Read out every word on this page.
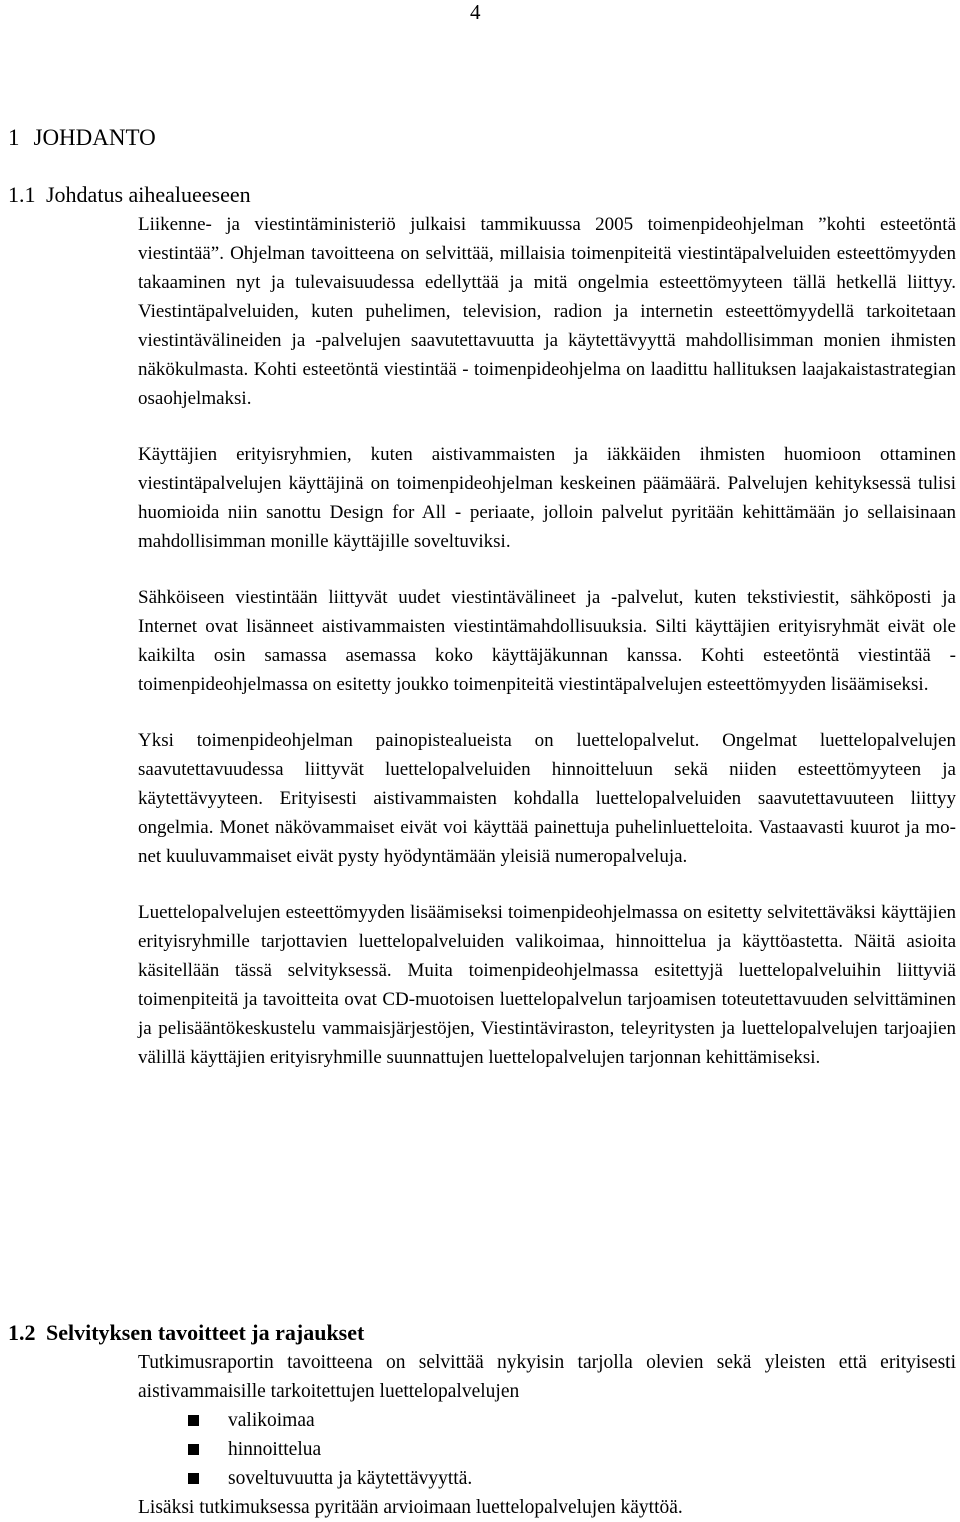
4
1 JOHDANTO
1.1 Johdatus aihealueeseen

Liikenne- ja viestintäministeriö julkaisi tammikuussa 2005 toimenpideohjelman ”kohti esteetöntä viestintää”. Ohjelman tavoitteena on selvittää, millaisia toimenpiteitä viestintäpalveluiden esteettömyyden takaaminen nyt ja tulevaisuudessa edellyttää ja mitä ongelmia esteettömyyteen tällä hetkellä liittyy. Viestintäpalveluiden, kuten puhelimen, television, radion ja internetin esteettömyydellä tarkoitetaan viestintävälineiden ja -palvelujen saavutettavuutta ja käytettävyyttä mahdollisimman monien ihmisten näkökulmasta. Kohti esteetöntä viestintää - toimenpideohjelma on laadittu hallituksen laajakaistastrategian osaohjelmaksi.

Käyttäjien erityisryhmien, kuten aistivammaisten ja iäkkäiden ihmisten huomioon ottaminen viestintäpalvelujen käyttäjinä on toimenpideohjelman keskeinen päämäärä. Palvelujen kehityksessä tulisi huomioida niin sanottu Design for All - periaate, jolloin palvelut pyritään kehittämään jo sellaisinaan mahdollisimman monille käyttäjille soveltuviksi.

Sähköiseen viestintään liittyvät uudet viestintävälineet ja -palvelut, kuten tekstiviestit, sähköposti ja Internet ovat lisänneet aistivammaisten viestintämahdollisuuksia. Silti käyttäjien erityisryhmät eivät ole kaikilta osin samassa asemassa koko käyttäjäkunnan kanssa. Kohti esteetöntä viestintää -toimenpideohjelmassa on esitetty joukko toimenpiteitä viestintäpalvelujen esteettömyyden lisäämiseksi.

Yksi toimenpideohjelman painopistealueista on luettelopalvelut. Ongelmat luettelopalvelujen saavutettavuudessa liittyvät luettelopalveluiden hinnoitteluun sekä niiden esteettömyyteen ja käytettävyyteen. Erityisesti aistivammaisten kohdalla luettelopalveluiden saavutettavuuteen liittyy ongelmia. Monet näkövammaiset eivät voi käyttää painettuja puhelinluetteloita. Vastaavasti kuurot ja monet kuuluvammaiset eivät pysty hyödyntämään yleisiä numeropalveluja.

Luettelopalvelujen esteettömyyden lisäämiseksi toimenpideohjelmassa on esitetty selvitettäväksi käyttäjien erityisryhmille tarjottavien luettelopalveluiden valikoimaa, hinnoittelua ja käyttöastetta. Näitä asioita käsitellään tässä selvityksessä. Muita toimenpideohjelmassa esitettyjä luettelopalveluihin liittyviä toimenpiteitä ja tavoitteita ovat CD-muotoisen luettelopalvelun tarjoamisen toteutettavuuden selvittäminen ja pelisääntökeskustelu vammaisjärjestöjen, Viestintäviraston, teleyritysten ja luettelopalvelujen tarjoajien välillä käyttäjien erityisryhmille suunnattujen luettelopalvelujen tarjonnan kehittämiseksi.

1.2 Selvityksen tavoitteet ja rajaukset

Tutkimusraportin tavoitteena on selvittää nykyisin tarjolla olevien sekä yleisten että erityisesti aistivammaisille tarkoitettujen luettelopalvelujen

valikoimaa
hinnoittelua
soveltuvuutta ja käytettävyyttä.

Lisäksi tutkimuksessa pyritään arvioimaan luettelopalvelujen käyttöä.
